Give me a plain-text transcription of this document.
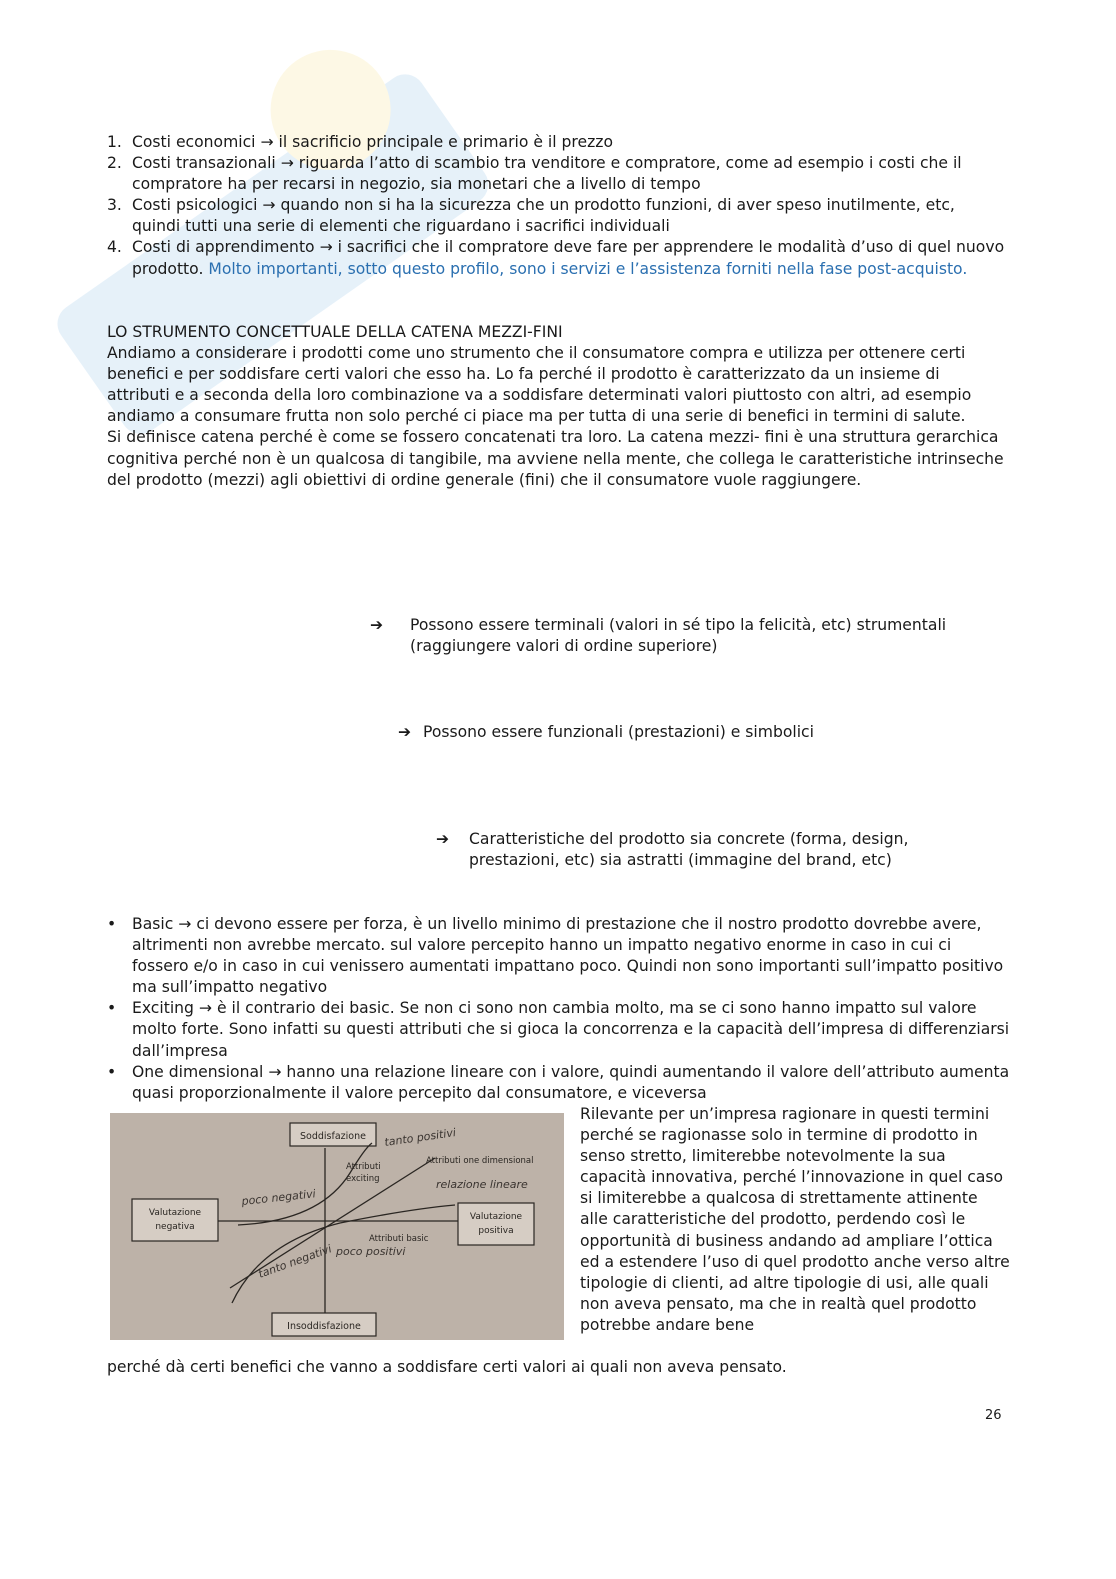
1. Costi economici → il sacrificio principale e primario è il prezzo
2. Costi transazionali → riguarda l’atto di scambio tra venditore e compratore, come ad esempio i costi che il compratore ha per recarsi in negozio, sia monetari che a livello di tempo
3. Costi psicologici → quando non si ha la sicurezza che un prodotto funzioni, di aver speso inutilmente, etc, quindi tutti una serie di elementi che riguardano i sacrifici individuali
4. Costi di apprendimento → i sacrifici che il compratore deve fare per apprendere le modalità d’uso di quel nuovo prodotto. Molto importanti, sotto questo profilo, sono i servizi e l’assistenza forniti nella fase post-acquisto.
LO STRUMENTO CONCETTUALE DELLA CATENA MEZZI-FINI
Andiamo a considerare i prodotti come uno strumento che il consumatore compra e utilizza per ottenere certi benefici e per soddisfare certi valori che esso ha. Lo fa perché il prodotto è caratterizzato da un insieme di attributi e a seconda della loro combinazione va a soddisfare determinati valori piuttosto con altri, ad esempio andiamo a consumare frutta non solo perché ci piace ma per tutta di una serie di benefici in termini di salute.
Si definisce catena perché è come se fossero concatenati tra loro. La catena mezzi- fini è una struttura gerarchica cognitiva perché non è un qualcosa di tangibile, ma avviene nella mente, che collega le caratteristiche intrinseche del prodotto (mezzi) agli obiettivi di ordine generale (fini) che il consumatore vuole raggiungere.
➔	Possono essere terminali (valori in sé tipo la felicità, etc) strumentali (raggiungere valori di ordine superiore)
➔ Possono essere funzionali (prestazioni) e simbolici
➔	Caratteristiche del prodotto sia concrete (forma, design, prestazioni, etc) sia astratti (immagine del brand, etc)
• Basic → ci devono essere per forza, è un livello minimo di prestazione che il nostro prodotto dovrebbe avere, altrimenti non avrebbe mercato. sul valore percepito hanno un impatto negativo enorme in caso in cui ci fossero e/o in caso in cui venissero aumentati impattano poco. Quindi non sono importanti sull’impatto positivo ma sull’impatto negativo
• Exciting → è il contrario dei basic. Se non ci sono non cambia molto, ma se ci sono hanno impatto sul valore molto forte. Sono infatti su questi attributi che si gioca la concorrenza e la capacità dell’impresa di differenziarsi dall’impresa
• One dimensional → hanno una relazione lineare con i valore, quindi aumentando il valore dell’attributo aumenta quasi proporzionalmente il valore percepito dal consumatore, e viceversa
Soddisfazione
Insoddisfazione
Valutazione
negativa
Valutazione
positiva
Attributi
exciting
Attributi one dimensional
Attributi basic
tanto positivi
relazione lineare
poco negativi
poco positivi
tanto negativi
Rilevante per un’impresa ragionare in questi termini perché se ragionasse solo in termine di prodotto in senso stretto, limiterebbe notevolmente la sua capacità innovativa, perché l’innovazione in quel caso si limiterebbe a qualcosa di strettamente attinente alle caratteristiche del prodotto, perdendo così le opportunità di business andando ad ampliare l’ottica ed a estendere l’uso di quel prodotto anche verso altre tipologie di clienti, ad altre tipologie di usi, alle quali non aveva pensato, ma che in realtà quel prodotto potrebbe andare bene
perché dà certi benefici che vanno a soddisfare certi valori ai quali non aveva pensato.
26
